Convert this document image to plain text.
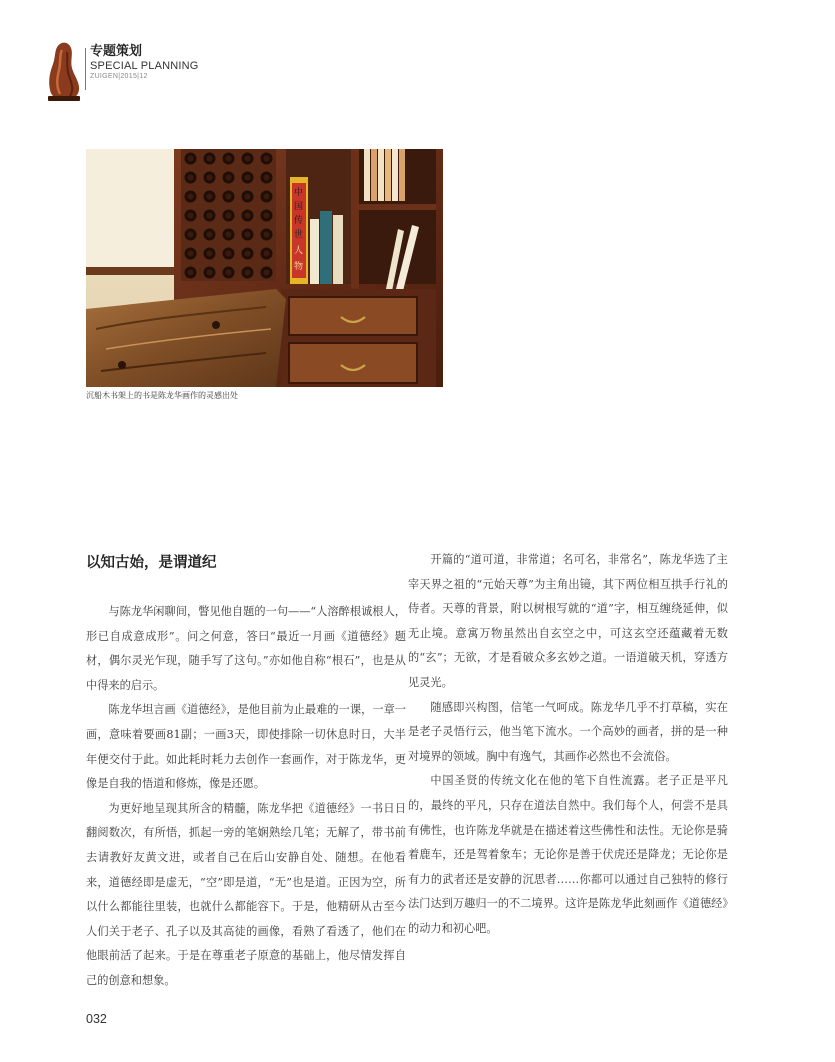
专题策划
SPECIAL PLANNING
ZUIGEN|2015|12
中
国
传
世
人
物
沉船木书架上的书是陈龙华画作的灵感出处
以知古始，是谓道纪

与陈龙华闲聊间，瞥见他自题的一句——“人溶醉根诚根人，形已自成意成形”。问之何意，答曰“最近一月画《道德经》题材，偶尔灵光乍现，随手写了这句。”亦如他自称“根石”，也是从中得来的启示。

陈龙华坦言画《道德经》，是他目前为止最难的一课，一章一画，意味着要画81副；一画3天，即使排除一切休息时日，大半年便交付于此。如此耗时耗力去创作一套画作，对于陈龙华，更像是自我的悟道和修炼，像是还愿。

为更好地呈现其所含的精髓，陈龙华把《道德经》一书日日翻阅数次，有所悟，抓起一旁的笔娴熟绘几笔；无解了，带书前去请教好友黄文进，或者自己在后山安静自处、随想。在他看来，道德经即是虚无，“空”即是道，“无”也是道。正因为空，所以什么都能往里装，也就什么都能容下。于是，他精研从古至今人们关于老子、孔子以及其高徒的画像，看熟了看透了，他们在他眼前活了起来。于是在尊重老子原意的基础上，他尽情发挥自己的创意和想象。

开篇的“道可道，非常道；名可名，非常名”，陈龙华选了主宰天界之祖的“元始天尊”为主角出镜，其下两位相互拱手行礼的侍者。天尊的背景，附以树根写就的“道”字，相互缠绕延伸，似无止境。意寓万物虽然出自玄空之中，可这玄空还蕴藏着无数的“玄”；无欲，才是看破众多玄妙之道。一语道破天机，穿透方见灵光。

随感即兴构图，信笔一气呵成。陈龙华几乎不打草稿，实在是老子灵悟行云，他当笔下流水。一个高妙的画者，拼的是一种对境界的领域。胸中有逸气，其画作必然也不会流俗。

中国圣贤的传统文化在他的笔下自性流露。老子正是平凡的，最终的平凡，只存在道法自然中。我们每个人，何尝不是具有佛性，也许陈龙华就是在描述着这些佛性和法性。无论你是骑着鹿车，还是驾着象车；无论你是善于伏虎还是降龙；无论你是有力的武者还是安静的沉思者……你都可以通过自己独特的修行法门达到万趣归一的不二境界。这许是陈龙华此刻画作《道德经》的动力和初心吧。

032
